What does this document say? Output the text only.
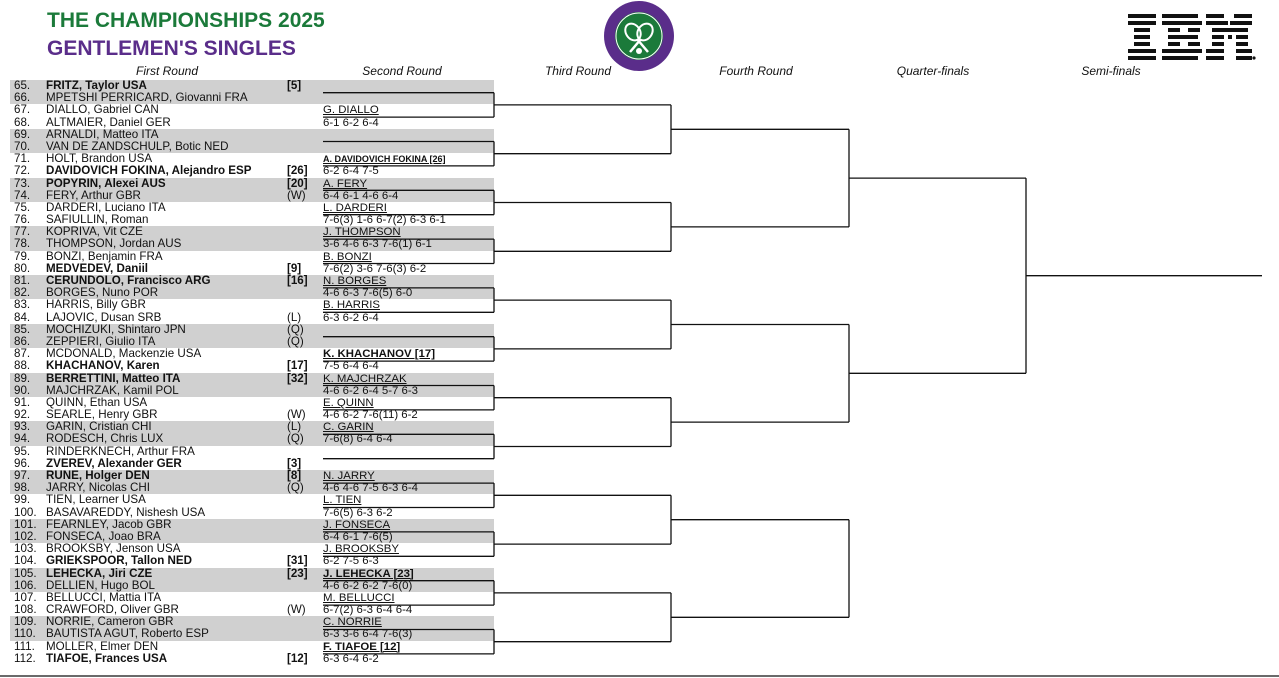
THE CHAMPIONSHIPS 2025
GENTLEMEN'S SINGLES
First Round	Second Round	Third Round	Fourth Round	Quarter-finals	Semi-finals
65. FRITZ, Taylor USA	[5]
66. MPETSHI PERRICARD, Giovanni FRA
67. DIALLO, Gabriel CAN	G. DIALLO
68. ALTMAIER, Daniel GER	6-1 6-2 6-4
69. ARNALDI, Matteo ITA
70. VAN DE ZANDSCHULP, Botic NED
71. HOLT, Brandon USA	A. DAVIDOVICH FOKINA [26]
72. DAVIDOVICH FOKINA, Alejandro ESP	[26] 6-2 6-4 7-5
73. POPYRIN, Alexei AUS	[20] A. FERY
74. FERY, Arthur GBR	(W) 6-4 6-1 4-6 6-4
75. DARDERI, Luciano ITA	L. DARDERI
76. SAFIULLIN, Roman	7-6(3) 1-6 6-7(2) 6-3 6-1
77. KOPRIVA, Vit CZE	J. THOMPSON
78. THOMPSON, Jordan AUS	3-6 4-6 6-3 7-6(1) 6-1
79. BONZI, Benjamin FRA	B. BONZI
80. MEDVEDEV, Daniil	[9] 7-6(2) 3-6 7-6(3) 6-2
81. CERUNDOLO, Francisco ARG	[16] N. BORGES
82. BORGES, Nuno POR	4-6 6-3 7-6(5) 6-0
83. HARRIS, Billy GBR	B. HARRIS
84. LAJOVIC, Dusan SRB	(L) 6-3 6-2 6-4
85. MOCHIZUKI, Shintaro JPN	(Q)
86. ZEPPIERI, Giulio ITA	(Q)
87. MCDONALD, Mackenzie USA	K. KHACHANOV [17]
88. KHACHANOV, Karen	[17] 7-5 6-4 6-4
89. BERRETTINI, Matteo ITA	[32] K. MAJCHRZAK
90. MAJCHRZAK, Kamil POL	4-6 6-2 6-4 5-7 6-3
91. QUINN, Ethan USA	E. QUINN
92. SEARLE, Henry GBR	(W) 4-6 6-2 7-6(11) 6-2
93. GARIN, Cristian CHI	(L) C. GARIN
94. RODESCH, Chris LUX	(Q) 7-6(8) 6-4 6-4
95. RINDERKNECH, Arthur FRA
96. ZVEREV, Alexander GER	[3]
97. RUNE, Holger DEN	[8] N. JARRY
98. JARRY, Nicolas CHI	(Q) 4-6 4-6 7-5 6-3 6-4
99. TIEN, Learner USA	L. TIEN
100. BASAVAREDDY, Nishesh USA	7-6(5) 6-3 6-2
101. FEARNLEY, Jacob GBR	J. FONSECA
102. FONSECA, Joao BRA	6-4 6-1 7-6(5)
103. BROOKSBY, Jenson USA	J. BROOKSBY
104. GRIEKSPOOR, Tallon NED	[31] 6-2 7-5 6-3
105. LEHECKA, Jiri CZE	[23] J. LEHECKA [23]
106. DELLIEN, Hugo BOL	4-6 6-2 6-2 7-6(0)
107. BELLUCCI, Mattia ITA	M. BELLUCCI
108. CRAWFORD, Oliver GBR	(W) 6-7(2) 6-3 6-4 6-4
109. NORRIE, Cameron GBR	C. NORRIE
110. BAUTISTA AGUT, Roberto ESP	6-3 3-6 6-4 7-6(3)
111. MOLLER, Elmer DEN	F. TIAFOE [12]
112. TIAFOE, Frances USA	[12] 6-3 6-4 6-2
